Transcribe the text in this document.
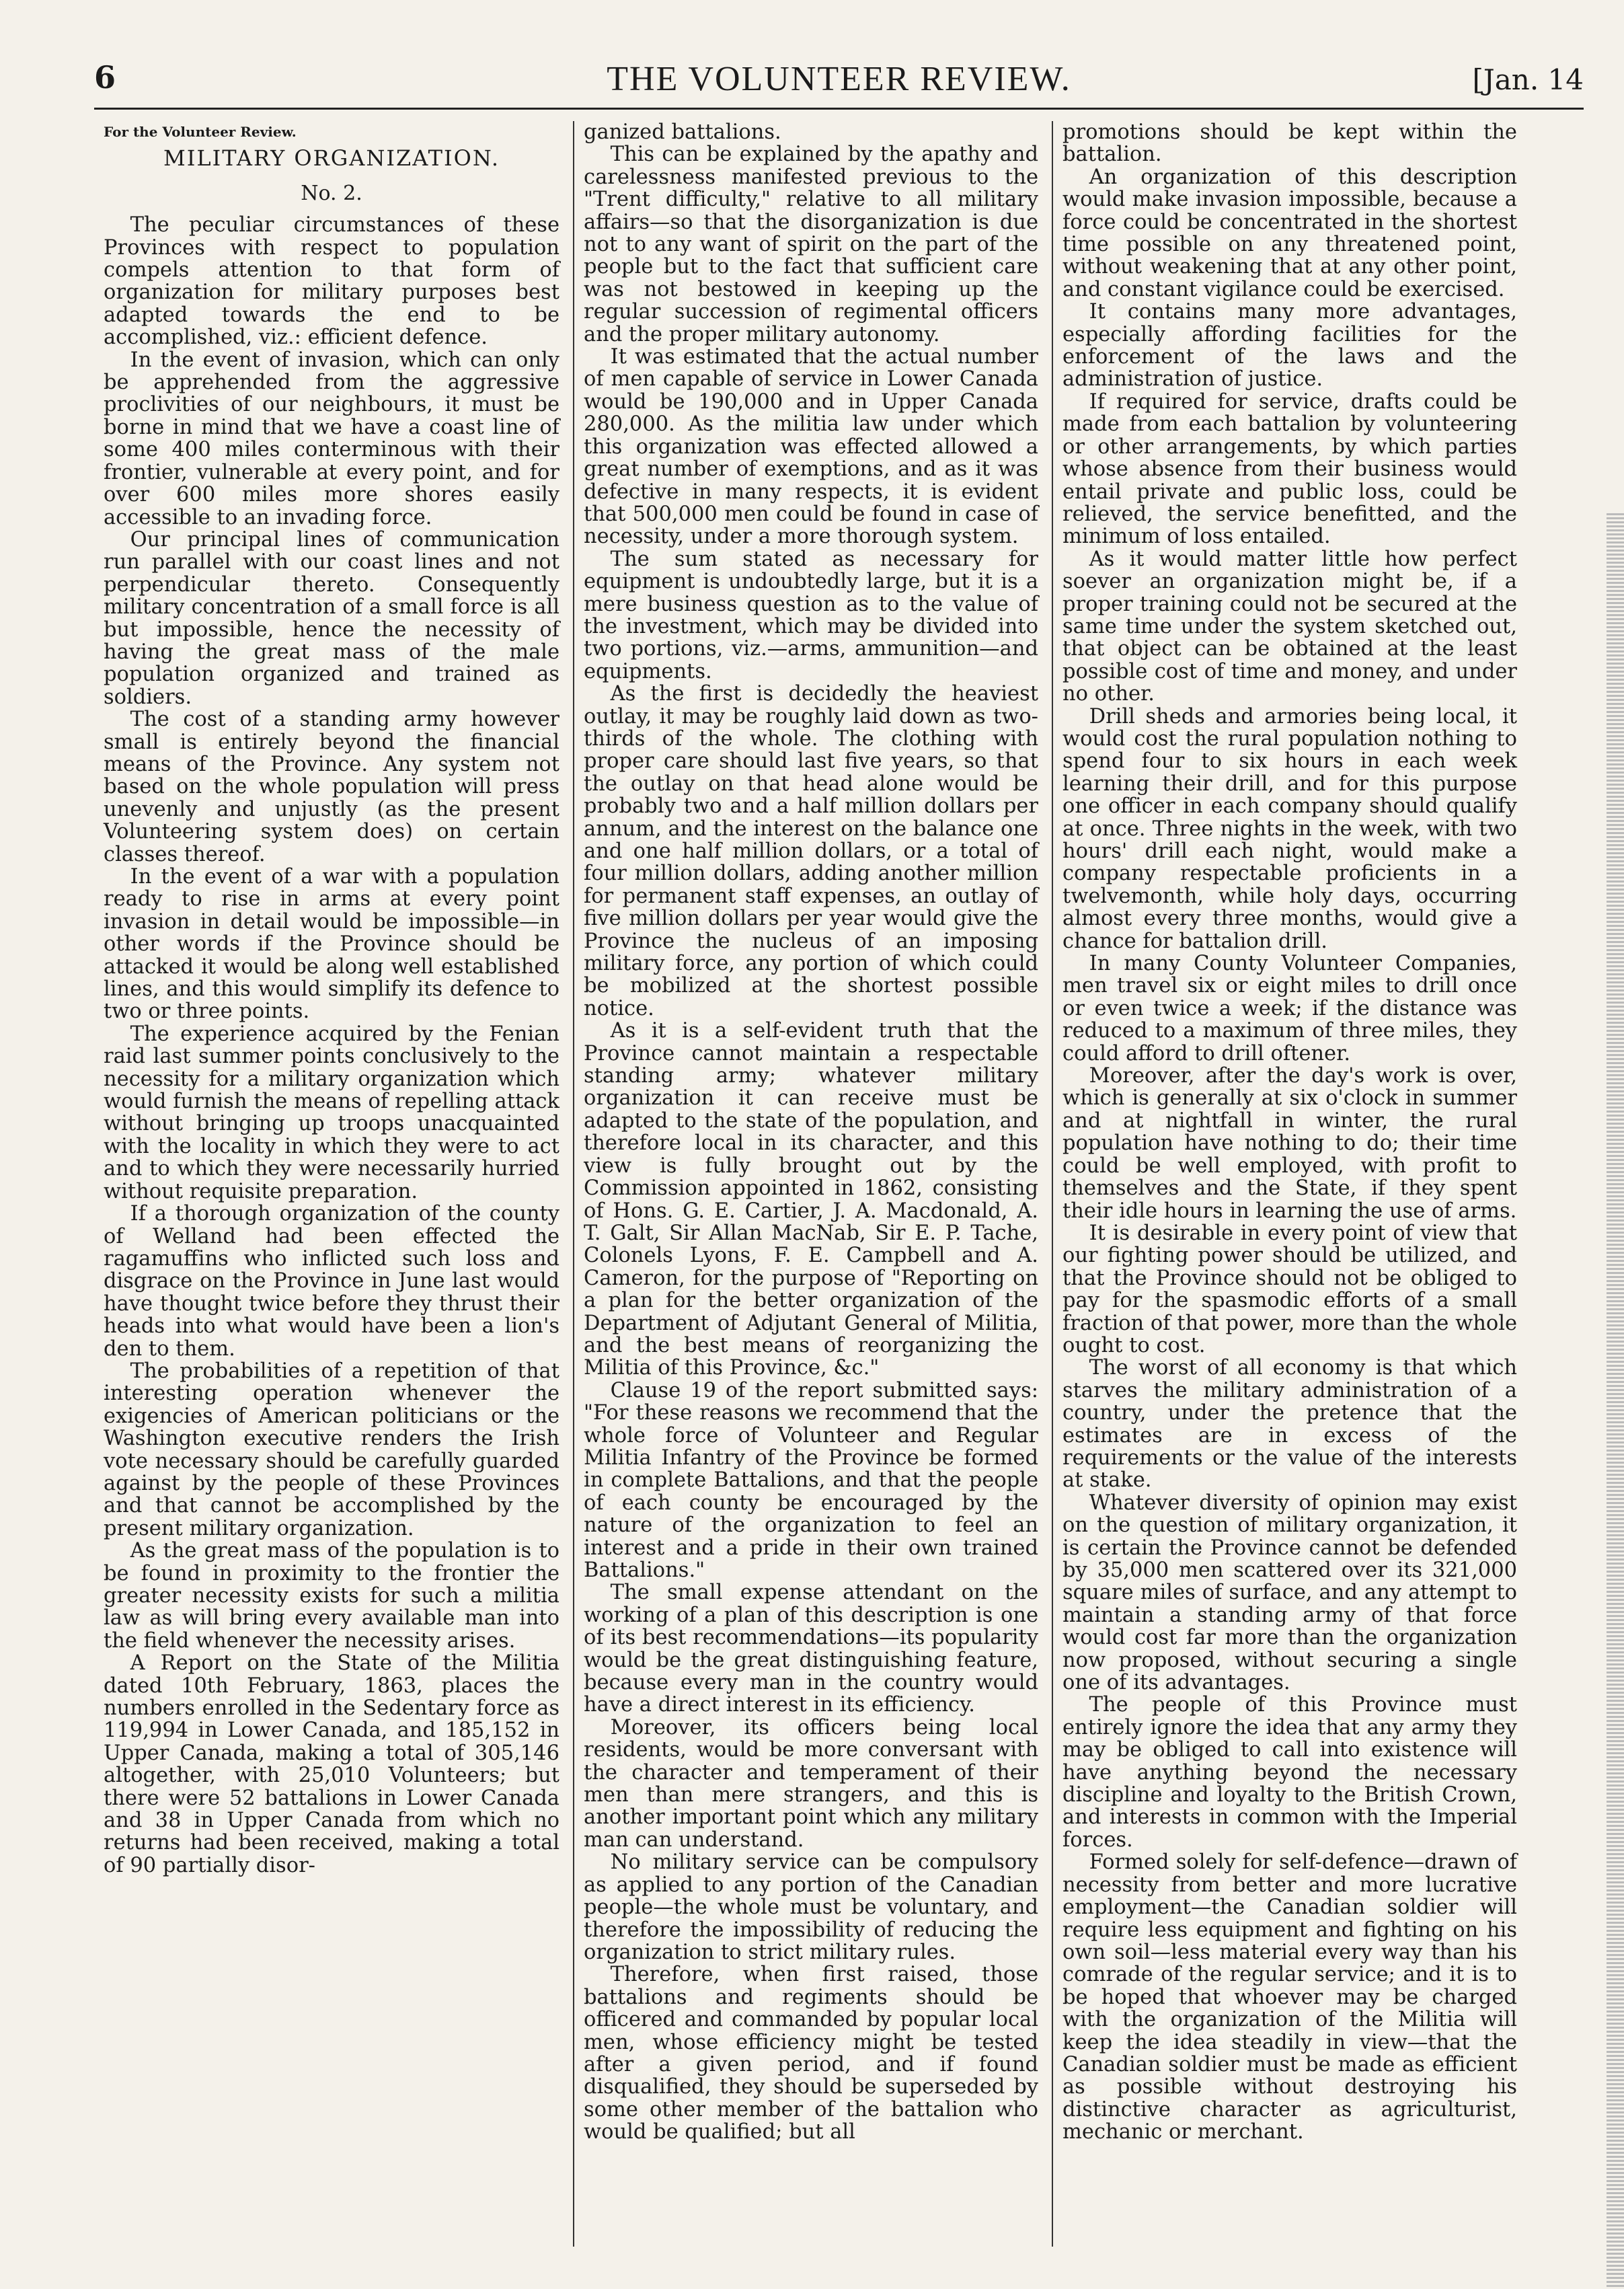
6	THE VOLUNTEER REVIEW.	[Jan. 14

For the Volunteer Review.

MILITARY ORGANIZATION.
No. 2.

The peculiar circumstances of these Provinces with respect to population compels attention to that form of organization for military purposes best adapted towards the end to be accomplished, viz.: efficient defence.

In the event of invasion, which can only be apprehended from the aggressive proclivities of our neighbours, it must be borne in mind that we have a coast line of some 400 miles conterminous with their frontier, vulnerable at every point, and for over 600 miles more shores easily accessible to an invading force.

Our principal lines of communication run parallel with our coast lines and not perpendicular thereto. Consequently military concentration of a small force is all but impossible, hence the necessity of having the great mass of the male population organized and trained as soldiers.

The cost of a standing army however small is entirely beyond the financial means of the Province. Any system not based on the whole population will press unevenly and unjustly (as the present Volunteering system does) on certain classes thereof.

In the event of a war with a population ready to rise in arms at every point invasion in detail would be impossible—in other words if the Province should be attacked it would be along well established lines, and this would simplify its defence to two or three points.

The experience acquired by the Fenian raid last summer points conclusively to the necessity for a military organization which would furnish the means of repelling attack without bringing up troops unacquainted with the locality in which they were to act and to which they were necessarily hurried without requisite preparation.

If a thorough organization of the county of Welland had been effected the ragamuffins who inflicted such loss and disgrace on the Province in June last would have thought twice before they thrust their heads into what would have been a lion's den to them.

The probabilities of a repetition of that interesting operation whenever the exigencies of American politicians or the Washington executive renders the Irish vote necessary should be carefully guarded against by the people of these Provinces and that cannot be accomplished by the present military organization.

As the great mass of the population is to be found in proximity to the frontier the greater necessity exists for such a militia law as will bring every available man into the field whenever the necessity arises.

A Report on the State of the Militia dated 10th February, 1863, places the numbers enrolled in the Sedentary force as 119,994 in Lower Canada, and 185,152 in Upper Canada, making a total of 305,146 altogether, with 25,010 Volunteers; but there were 52 battalions in Lower Canada and 38 in Upper Canada from which no returns had been received, making a total of 90 partially disor-

ganized battalions.

This can be explained by the apathy and carelessness manifested previous to the "Trent difficulty," relative to all military affairs—so that the disorganization is due not to any want of spirit on the part of the people but to the fact that sufficient care was not bestowed in keeping up the regular succession of regimental officers and the proper military autonomy.

It was estimated that the actual number of men capable of service in Lower Canada would be 190,000 and in Upper Canada 280,000. As the militia law under which this organization was effected allowed a great number of exemptions, and as it was defective in many respects, it is evident that 500,000 men could be found in case of necessity, under a more thorough system.

The sum stated as necessary for equipment is undoubtedly large, but it is a mere business question as to the value of the investment, which may be divided into two portions, viz.—arms, ammunition—and equipments.

As the first is decidedly the heaviest outlay, it may be roughly laid down as two-thirds of the whole. The clothing with proper care should last five years, so that the outlay on that head alone would be probably two and a half million dollars per annum, and the interest on the balance one and one half million dollars, or a total of four million dollars, adding another million for permanent staff expenses, an outlay of five million dollars per year would give the Province the nucleus of an imposing military force, any portion of which could be mobilized at the shortest possible notice.

As it is a self-evident truth that the Province cannot maintain a respectable standing army; whatever military organization it can receive must be adapted to the state of the population, and therefore local in its character, and this view is fully brought out by the Commission appointed in 1862, consisting of Hons. G. E. Cartier, J. A. Macdonald, A. T. Galt, Sir Allan MacNab, Sir E. P. Tache, Colonels Lyons, F. E. Campbell and A. Cameron, for the purpose of "Reporting on a plan for the better organization of the Department of Adjutant General of Militia, and the best means of reorganizing the Militia of this Province, &c."

Clause 19 of the report submitted says: "For these reasons we recommend that the whole force of Volunteer and Regular Militia Infantry of the Province be formed in complete Battalions, and that the people of each county be encouraged by the nature of the organization to feel an interest and a pride in their own trained Battalions."

The small expense attendant on the working of a plan of this description is one of its best recommendations—its popularity would be the great distinguishing feature, because every man in the country would have a direct interest in its efficiency.

Moreover, its officers being local residents, would be more conversant with the character and temperament of their men than mere strangers, and this is another important point which any military man can understand.

No military service can be compulsory as applied to any portion of the Canadian people—the whole must be voluntary, and therefore the impossibility of reducing the organization to strict military rules.

Therefore, when first raised, those battalions and regiments should be officered and commanded by popular local men, whose efficiency might be tested after a given period, and if found disqualified, they should be superseded by some other member of the battalion who would be qualified; but all

promotions should be kept within the battalion.

An organization of this description would make invasion impossible, because a force could be concentrated in the shortest time possible on any threatened point, without weakening that at any other point, and constant vigilance could be exercised.

It contains many more advantages, especially affording facilities for the enforcement of the laws and the administration of justice.

If required for service, drafts could be made from each battalion by volunteering or other arrangements, by which parties whose absence from their business would entail private and public loss, could be relieved, the service benefitted, and the minimum of loss entailed.

As it would matter little how perfect soever an organization might be, if a proper training could not be secured at the same time under the system sketched out, that object can be obtained at the least possible cost of time and money, and under no other.

Drill sheds and armories being local, it would cost the rural population nothing to spend four to six hours in each week learning their drill, and for this purpose one officer in each company should qualify at once. Three nights in the week, with two hours' drill each night, would make a company respectable proficients in a twelvemonth, while holy days, occurring almost every three months, would give a chance for battalion drill.

In many County Volunteer Companies, men travel six or eight miles to drill once or even twice a week; if the distance was reduced to a maximum of three miles, they could afford to drill oftener.

Moreover, after the day's work is over, which is generally at six o'clock in summer and at nightfall in winter, the rural population have nothing to do; their time could be well employed, with profit to themselves and the State, if they spent their idle hours in learning the use of arms.

It is desirable in every point of view that our fighting power should be utilized, and that the Province should not be obliged to pay for the spasmodic efforts of a small fraction of that power, more than the whole ought to cost.

The worst of all economy is that which starves the military administration of a country, under the pretence that the estimates are in excess of the requirements or the value of the interests at stake.

Whatever diversity of opinion may exist on the question of military organization, it is certain the Province cannot be defended by 35,000 men scattered over its 321,000 square miles of surface, and any attempt to maintain a standing army of that force would cost far more than the organization now proposed, without securing a single one of its advantages.

The people of this Province must entirely ignore the idea that any army they may be obliged to call into existence will have anything beyond the necessary discipline and loyalty to the British Crown, and interests in common with the Imperial forces.

Formed solely for self-defence—drawn of necessity from better and more lucrative employment—the Canadian soldier will require less equipment and fighting on his own soil—less material every way than his comrade of the regular service; and it is to be hoped that whoever may be charged with the organization of the Militia will keep the idea steadily in view—that the Canadian soldier must be made as efficient as possible without destroying his distinctive character as agriculturist, mechanic or merchant.
